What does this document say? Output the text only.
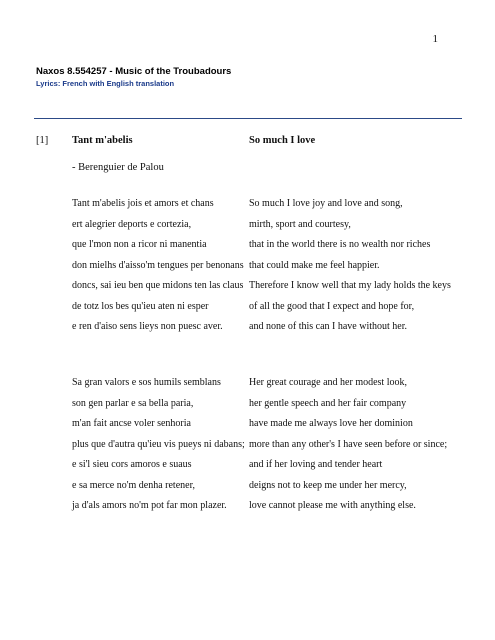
1
Naxos 8.554257 - Music of the Troubadours
Lyrics: French with English translation
[1] Tant m'abelis	So much I love
- Berenguier de Palou
Tant m'abelis jois et amors et chans
ert alegrier deports e cortezia,
que l'mon non a ricor ni manentia
don mielhs d'aisso'm tengues per benonans
doncs, sai ieu ben que midons ten las claus
de totz los bes qu'ieu aten ni esper
e ren d'aiso sens lieys non puesc aver.
So much I love joy and love and song,
mirth, sport and courtesy,
that in the world there is no wealth nor riches
that could make me feel happier.
Therefore I know well that my lady holds the keys
of all the good that I expect and hope for,
and none of this can I have without her.
Sa gran valors e sos humils semblans
son gen parlar e sa bella paria,
m'an fait ancse voler senhoria
plus que d'autra qu'ieu vis pueys ni dabans;
e si'l sieu cors amoros e suaus
e sa merce no'm denha retener,
ja d'als amors no'm pot far mon plazer.
Her great courage and her modest look,
her gentle speech and her fair company
have made me always love her dominion
more than any other's I have seen before or since;
and if her loving and tender heart
deigns not to keep me under her mercy,
love cannot please me with anything else.
